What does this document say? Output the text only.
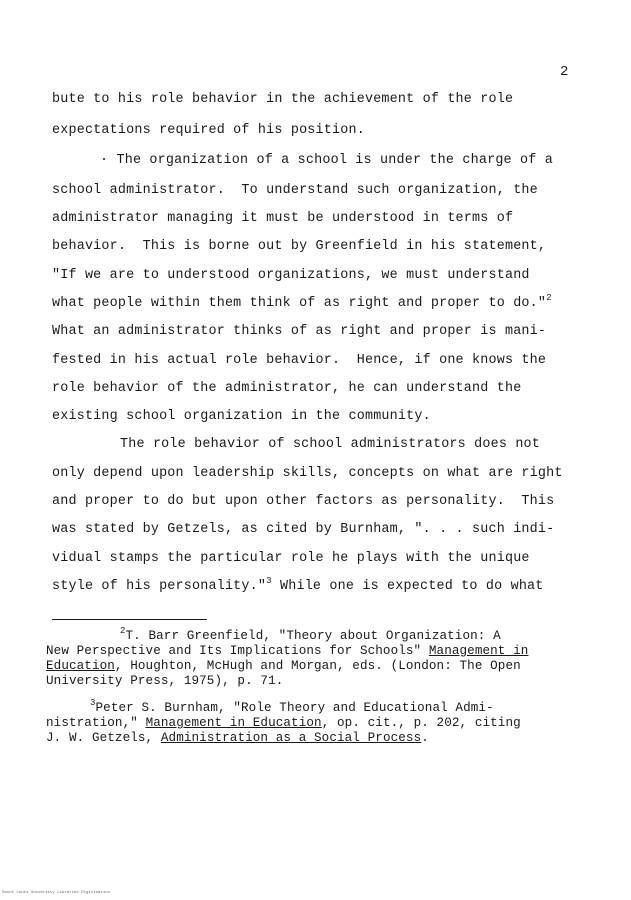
2
bute to his role behavior in the achievement of the role
expectations required of his position.
· The organization of a school is under the charge of a
school administrator.  To understand such organization, the
administrator managing it must be understood in terms of
behavior.  This is borne out by Greenfield in his statement,
"If we are to understood organizations, we must understand
what people within them think of as right and proper to do."$^2$
What an administrator thinks of as right and proper is mani-
fested in his actual role behavior.  Hence, if one knows the
role behavior of the administrator, he can understand the
existing school organization in the community.
The role behavior of school administrators does not
only depend upon leadership skills, concepts on what are right
and proper to do but upon other factors as personality.  This
was stated by Getzels, as cited by Burnham, ". . . such indi-
vidual stamps the particular role he plays with the unique
style of his personality."$^3$ While one is expected to do what
$^2$T. Barr Greenfield, "Theory about Organization: A
New Perspective and Its Implications for Schools" Management in
Education, Houghton, McHugh and Morgan, eds. (London: The Open
University Press, 1975), p. 71.
$^3$Peter S. Burnham, "Role Theory and Educational Admi-
nistration," Management in Education, op. cit., p. 202, citing
J. W. Getzels, Administration as a Social Process.
Saint Louis University Libraries Digitization
